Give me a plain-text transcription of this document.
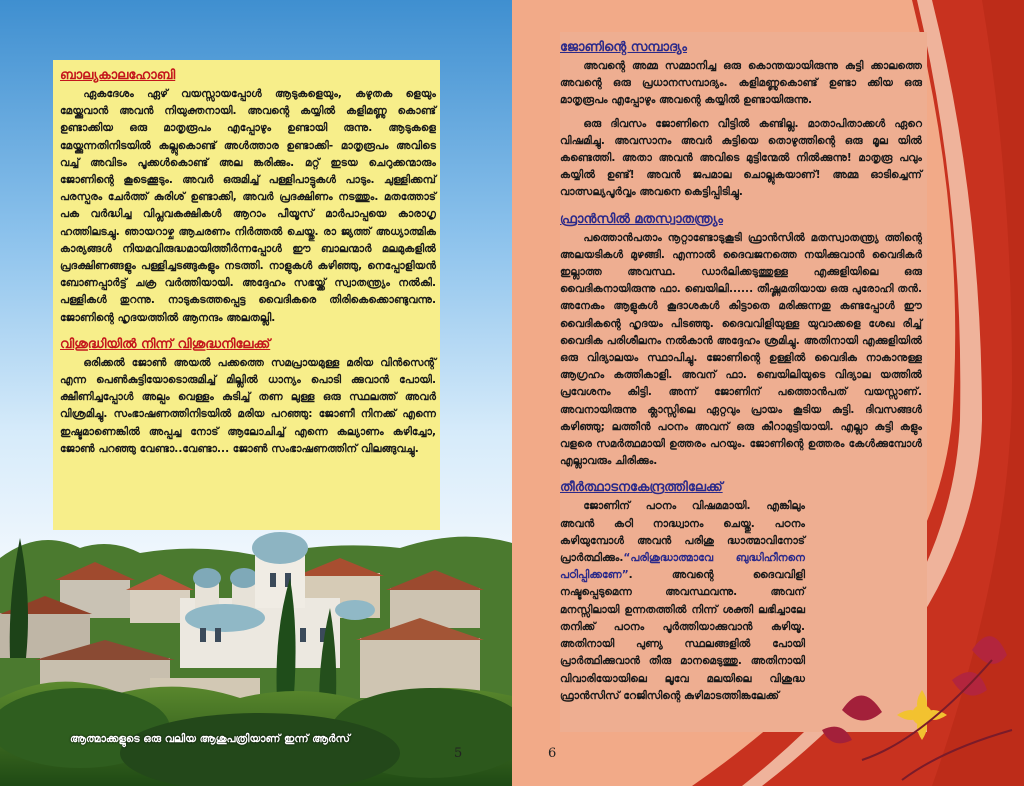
ബാല്യകാലഹോബി

ഏകദേശം ഏഴ് വയസ്സായപ്പോൾ ആടുകളെയും, കഴുതക ളെയും മേയ്ക്കുവാൻ അവൻ നിയുക്തനായി. അവന്റെ കയ്യിൽ കളിമണ്ണു കൊണ്ട് ഉണ്ടാക്കിയ ഒരു മാതൃരൂപം എപ്പോഴും ഉണ്ടായി രുന്നു. ആടുകളെ മേയ്ക്കുന്നതിനിടയിൽ കല്ലുകൊണ്ട് അൾത്താര ഉണ്ടാക്കി- മാതൃരൂപം അവിടെ വച്ച് അവിടം പൂക്കൾകൊണ്ട് അല ങ്കരിക്കും. മറ്റ് ഇടയ ചെറുക്കന്മാരും ജോണിന്റെ കൂടെക്കൂടും. അവർ ഒരുമിച്ച് പള്ളിപാട്ടുകൾ പാടും. ചുള്ളിക്കമ്പ് പരസ്പരം ചേർത്ത് കുരിശ് ഉണ്ടാക്കി, അവർ പ്രദക്ഷിണം നടത്തും. മതത്തോട് പക വർദ്ധിച്ച വിപ്ലവകക്ഷികൾ ആറാം പീയൂസ് മാർപാപ്പയെ കാരാഗൃ ഹത്തിലടച്ചു. ഞായറാഴ്ച ആചരണം നിർത്തൽ ചെയ്തു. രാ ജ്യത്ത് അധ്യാത്മിക കാര്യങ്ങൾ നിയമവിരുദ്ധമായിത്തീർന്നപ്പോൾ ഈ ബാലന്മാർ മലമുകളിൽ പ്രദക്ഷിണങ്ങളും പള്ളിച്ചടങ്ങുകളും നടത്തി. നാളുകൾ കഴിഞ്ഞു, നെപ്പോളിയൻ ബോണപ്പാർട്ട് ചക്ര വർത്തിയായി. അദ്ദേഹം സഭയ്ക്ക് സ്വാതന്ത്ര്യം നൽകി. പള്ളികൾ തുറന്നു. നാടുകടത്തപ്പെട്ട വൈദികരെ തിരികെക്കൊണ്ടുവന്നു. ജോണിന്റെ ഹൃദയത്തിൽ ആനന്ദം അലതല്ലി.

വിശുദ്ധിയിൽ നിന്ന് വിശുദ്ധനിലേക്ക്

ഒരിക്കൽ ജോൺ അയൽ പക്കത്തെ സമപ്രായമുള്ള മരിയ വിൻസെന്റ് എന്ന പെൺകുട്ടിയോടൊരുമിച്ച് മില്ലിൽ ധാന്യം പൊടി ക്കുവാൻ പോയി. ക്ഷീണിച്ചപ്പോൾ അല്പം വെള്ളം കുടിച്ച് തണ ലുള്ള ഒരു സ്ഥലത്ത് അവർ വിശ്രമിച്ചു. സംഭാഷണത്തിനിടയിൽ മരിയ പറഞ്ഞു: ജോണീ നിനക്ക് എന്നെ ഇഷ്ടമാണെങ്കിൽ അപ്പച്ച നോട് ആലോചിച്ച് എന്നെ കല്യാണം കഴിച്ചോ, ജോൺ പറഞ്ഞു വേണ്ടാ..വേണ്ടാ... ജോൺ സംഭാഷണത്തിന് വിലങ്ങുവച്ചു.

ആത്മാക്കളുടെ ഒരു വലിയ ആശുപത്രിയാണ് ഇന്ന് ആർസ്
5
ജോണിന്റെ സമ്പാദ്യം

അവന്റെ അമ്മ സമ്മാനിച്ച ഒരു കൊന്തയായിരുന്നു കുട്ടി ക്കാലത്തെ അവന്റെ ഒരു പ്രധാനസമ്പാദ്യം. കളിമണ്ണുകൊണ്ട് ഉണ്ടാ ക്കിയ ഒരു മാതൃരൂപം എപ്പോഴും അവന്റെ കയ്യിൽ ഉണ്ടായിരുന്നു.

ഒരു ദിവസം ജോണിനെ വീട്ടിൽ കണ്ടില്ല. മാതാപിതാക്കൾ ഏറെ വിഷമിച്ചു. അവസാനം അവർ കുട്ടിയെ തൊഴുത്തിന്റെ ഒരു മൂല യിൽ കണ്ടെത്തി. അതാ അവൻ അവിടെ മുട്ടിന്മേൽ നിൽക്കുന്നു! മാതൃരൂ പവും കയ്യിൽ ഉണ്ട്! അവൻ ജപമാല ചൊല്ലുകയാണ്! അമ്മ ഓടിച്ചെന്ന് വാത്സല്യപൂർവ്വം അവനെ കെട്ടിപ്പിടിച്ചു.

ഫ്രാൻസിൽ മതസ്വാതന്ത്ര്യം

പത്തൊൻപതാം നൂറ്റാണ്ടോടുകൂടി ഫ്രാൻസിൽ മതസ്വാതന്ത്ര്യ ത്തിന്റെ അലയടികൾ മുഴങ്ങി. എന്നാൽ ദൈവജനത്തെ നയിക്കുവാൻ വൈദികർ ഇല്ലാത്ത അവസ്ഥ. ഡാർലിക്കടുത്തുള്ള എക്കുളിയിലെ ഒരു വൈദികനായിരുന്നു ഫാ. ബെയിലി...... തീഷ്ണമതിയായ ഒരു പുരോഹി തൻ. അനേകം ആളുകൾ കൂദാശകൾ കിട്ടാതെ മരിക്കുന്നതു കണ്ടപ്പോൾ ഈ വൈദികന്റെ ഹൃദയം പിടഞ്ഞു. ദൈവവിളിയുള്ള യുവാക്കളെ ശേഖ രിച്ച് വൈദിക പരിശീലനം നൽകാൻ അദ്ദേഹം ശ്രമിച്ചു. അതിനായി എക്കുളിയിൽ ഒരു വിദ്യാലയം സ്ഥാപിച്ചു. ജോണിന്റെ ഉള്ളിൽ വൈദിക നാകാനുള്ള ആഗ്രഹം കത്തികാളി. അവന് ഫാ. ബെയിലിയുടെ വിദ്യാല യത്തിൽ പ്രവേശനം കിട്ടി. അന്ന് ജോണിന് പത്തൊൻപത് വയസ്സാണ്. അവനായിരുന്നു ക്ലാസ്സിലെ ഏറ്റവും പ്രായം കൂടിയ കുട്ടി. ദിവസങ്ങൾ കഴിഞ്ഞു; ലത്തീൻ പഠനം അവന് ഒരു കീറാമുട്ടിയായി. എല്ലാ കുട്ടി കളും വളരെ സമർത്ഥമായി ഉത്തരം പറയും. ജോണിന്റെ ഉത്തരം കേൾക്കുമ്പോൾ എല്ലാവരും ചിരിക്കും.

തീർത്ഥാടനകേന്ദ്രത്തിലേക്ക്

ജോണിന് പഠനം വിഷമമായി. എങ്കിലും അവൻ കഠി നാദ്ധ്വാനം ചെയ്തു. പഠനം കഴിയുമ്പോൾ അവൻ പരിശു ദ്ധാത്മാവിനോട് പ്രാർത്ഥിക്കും.“പരിശുദ്ധാത്മാവേ ബുദ്ധിഹീനനെ പഠിപ്പിക്കണേ”. അവന്റെ ദൈവവിളി നഷ്ടപ്പെടുമെന്ന അവസ്ഥവന്നു. അവന് മനസ്സിലായി ഉന്നതത്തിൽ നിന്ന് ശക്തി ലഭിച്ചാലേ തനിക്ക് പഠനം പൂർത്തിയാക്കുവാൻ കഴിയൂ. അതിനായി പുണ്യ സ്ഥലങ്ങളിൽ പോയി പ്രാർത്ഥിക്കുവാൻ തീരു മാനമെടുത്തു. അതിനായി വിവാരിയോയിലെ ലൂവേ മലയിലെ വിശുദ്ധ ഫ്രാൻസിസ് റേജിസിന്റെ കുഴിമാടത്തിങ്കലേക്ക്

6
